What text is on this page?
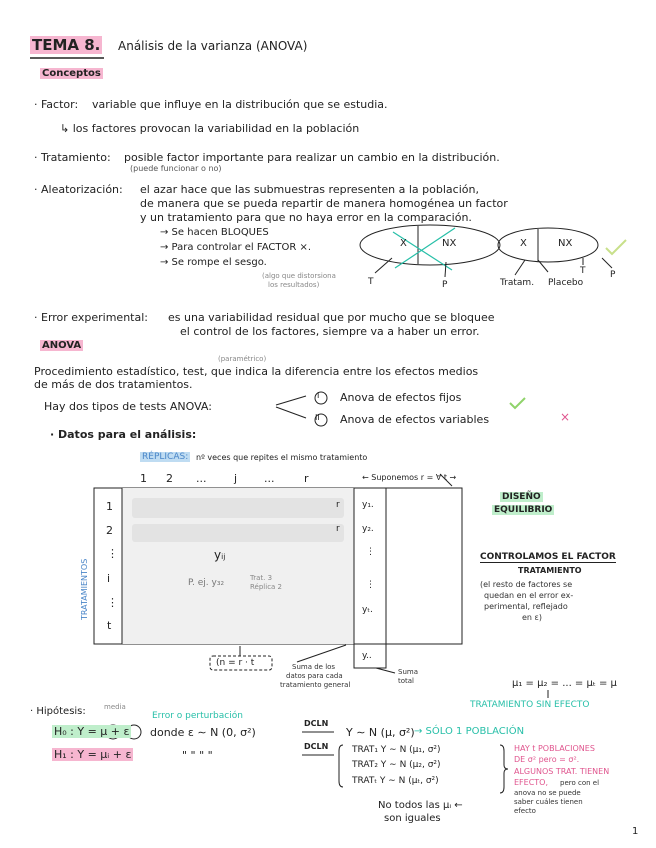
TEMA 8. Análisis de la varianza (ANOVA)
Conceptos
· Factor: variable que influye en la distribución que se estudia.
↳ los factores provocan la variabilidad en la población
· Tratamiento: posible factor importante para realizar un cambio en la distribución.
(puede funcionar o no)
· Aleatorización: el azar hace que las submuestras representen a la población,
de manera que se pueda repartir de manera homogénea un factor
y un tratamiento para que no haya error en la comparación.
→ Se hacen BLOQUES
→ Para controlar el FACTOR ×.
→ Se rompe el sesgo.
(algo que distorsiona
los resultados)
X	NX	X	NX
T	P	Tratam. Placebo
T	P
· Error experimental: es una variabilidad residual que por mucho que se bloquee
el control de los factores, siempre va a haber un error.
ANOVA
(paramétrico)
Procedimiento estadístico, test, que indica la diferencia entre los efectos medios
de más de dos tratamientos.
Hay dos tipos de tests ANOVA:
I Anova de efectos fijos
II Anova de efectos variables	×
· Datos para el análisis:
RÉPLICAS: nº veces que repites el mismo tratamiento
1 2 ...	j ...	r	← Suponemos r = ∀ t →
DISEÑO
EQUILIBRIO
1
2
⋮
i
⋮
t
r
r
TRATAMIENTOS
yᵢⱼ
P. ej. y₃₂	Trat. 3
Réplica 2
y₁.
y₂.
⋮
⋮
yₜ.
y..
(n = r · t	Suma de los
datos para cada
tratamiento general
Suma
total
CONTROLAMOS EL FACTOR
TRATAMIENTO
(el resto de factores se
quedan en el error ex-
perimental, reflejado
en ε)
μ₁ = μ₂ = ... = μₜ = μ
TRATAMIENTO SIN EFECTO
· Hipótesis:	media
Error o perturbación
H₀ : Y = μ + ε donde ε ∼ N (0, σ²)
DCLN
Y ∼ N (μ, σ²) → SÓLO 1 POBLACIÓN
H₁ : Y = μᵢ + ε	" " " "
DCLN	TRAT₁ Y ∼ N (μ₁, σ²)
TRAT₂ Y ∼ N (μ₂, σ²)
TRATₜ Y ∼ N (μₜ, σ²)
HAY t POBLACIONES
DE σ² pero = σ².
ALGUNOS TRAT. TIENEN
EFECTO, pero con el
anova no se puede
saber cuáles tienen
efecto
No todos las μᵢ ←
son iguales
1
